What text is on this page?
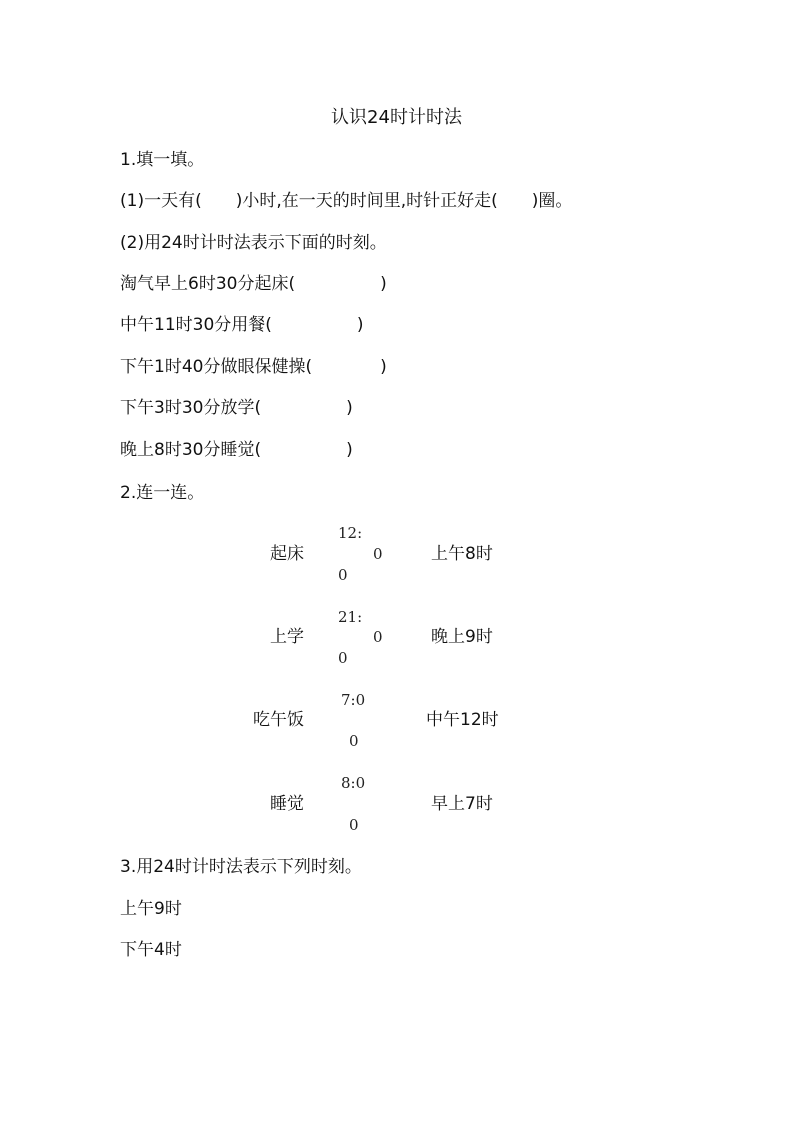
认识24时计时法
1.填一填。
(1)一天有(　　)小时,在一天的时间里,时针正好走(　　)圈。
(2)用24时计时法表示下面的时刻。
淘气早上6时30分起床(　　　　　)
中午11时30分用餐(　　　　　)
下午1时40分做眼保健操(　　　　)
下午3时30分放学(　　　　　)
晚上8时30分睡觉(　　　　　)
2.连一连。
起床
12:
0
0
上午8时
上学
21:
0
0
晚上9时
吃午饭
7:0
0
中午12时
睡觉
8:0
0
早上7时
3.用24时计时法表示下列时刻。
上午9时
下午4时
